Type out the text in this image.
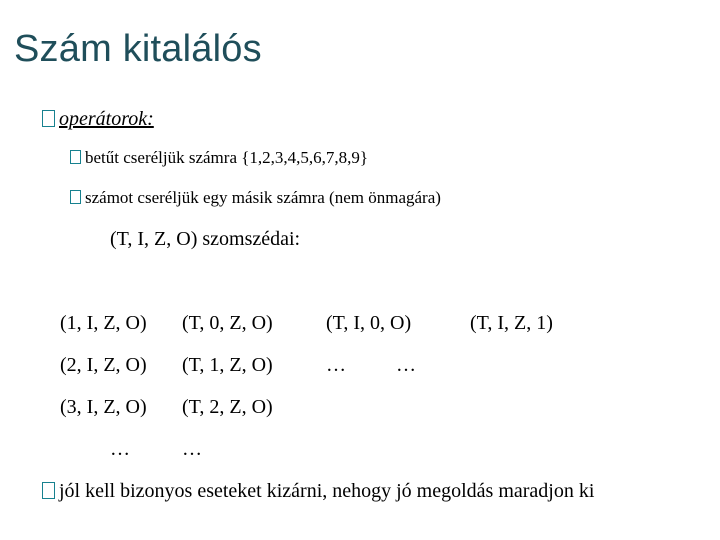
Szám kitalálós
operátorok:
betűt cseréljük számra {1,2,3,4,5,6,7,8,9}
számot cseréljük egy másik számra (nem önmagára)
(T, I, Z, O) szomszédai:
(1, I, Z, O)
(2, I, Z, O)
(3, I, Z, O)
…
(T, 0, Z, O)
(T, 1, Z, O)
(T, 2, Z, O)
…
(T, I, 0, O)
…	…
(T, I, Z, 1)
jól kell bizonyos eseteket kizárni, nehogy jó megoldás maradjon ki
